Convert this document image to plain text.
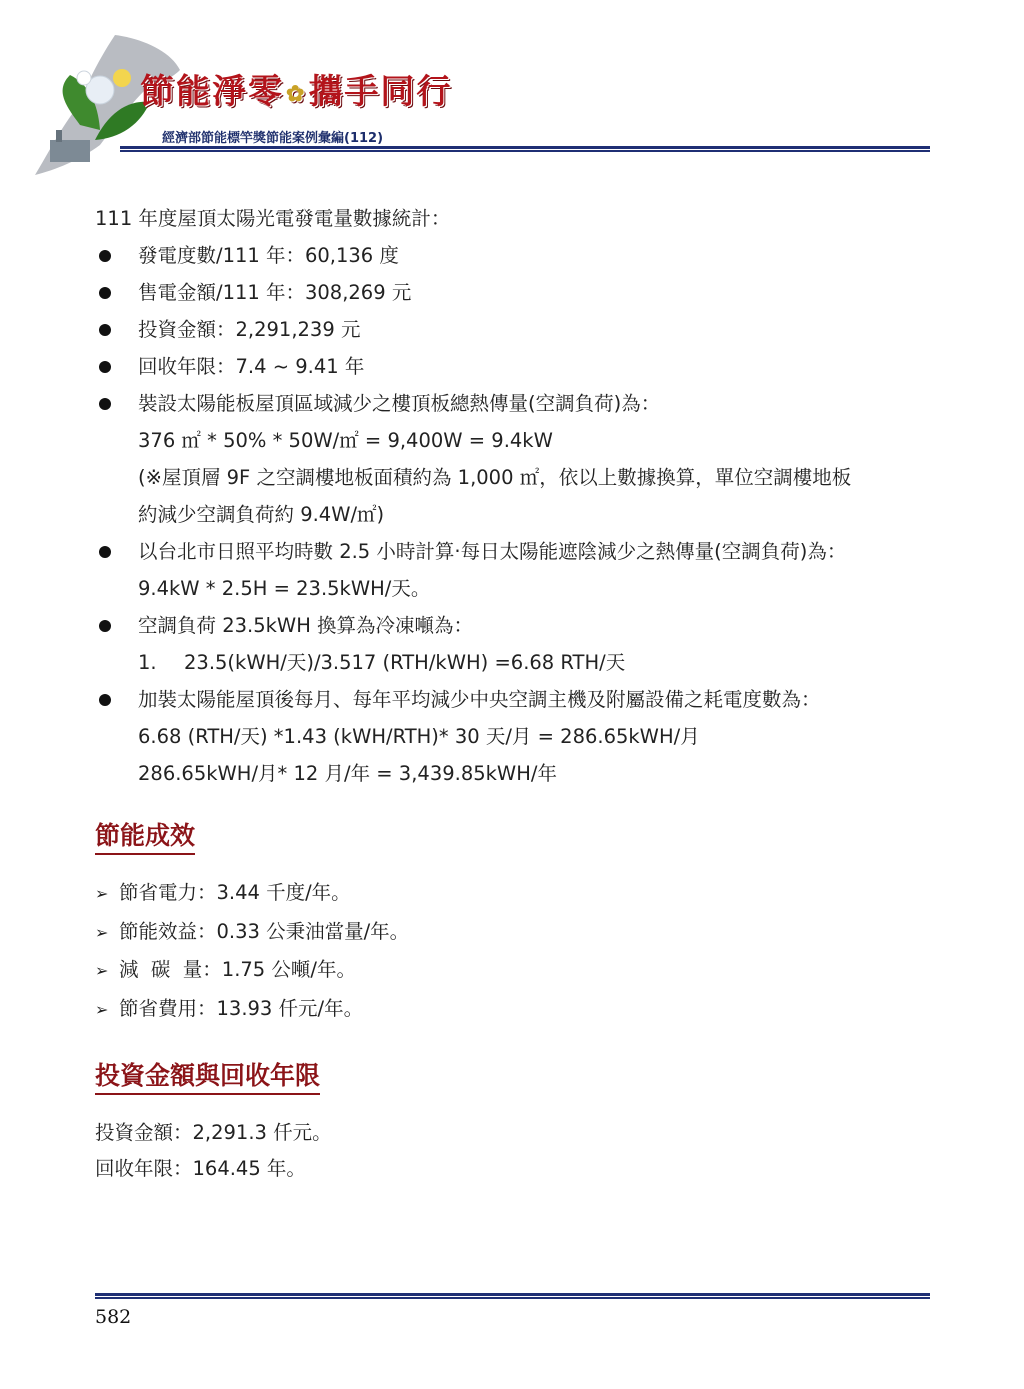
節能淨零✿攜手同行
經濟部節能標竿獎節能案例彙編(112)
111 年度屋頂太陽光電發電量數據統計：
發電度數/111 年：60,136 度
售電金額/111 年：308,269 元
投資金額：2,291,239 元
回收年限：7.4 ~ 9.41 年
裝設太陽能板屋頂區域減少之樓頂板總熱傳量(空調負荷)為：
376 ㎡ * 50% * 50W/㎡ = 9,400W = 9.4kW
(※屋頂層 9F 之空調樓地板面積約為 1,000 ㎡，依以上數據換算，單位空調樓地板
約減少空調負荷約 9.4W/㎡)
以台北市日照平均時數 2.5 小時計算‧每日太陽能遮陰減少之熱傳量(空調負荷)為：
9.4kW * 2.5H = 23.5kWH/天。
空調負荷 23.5kWH 換算為冷凍噸為：
1. 23.5(kWH/天)/3.517 (RTH/kWH) =6.68 RTH/天
加裝太陽能屋頂後每月、每年平均減少中央空調主機及附屬設備之耗電度數為：
6.68 (RTH/天) *1.43 (kWH/RTH)* 30 天/月 = 286.65kWH/月
286.65kWH/月* 12 月/年 = 3,439.85kWH/年
節能成效
➢ 節省電力：3.44 千度/年。
➢ 節能效益：0.33 公秉油當量/年。
➢ 減  碳  量：1.75 公噸/年。
➢ 節省費用：13.93 仟元/年。
投資金額與回收年限
投資金額：2,291.3 仟元。
回收年限：164.45 年。
582
